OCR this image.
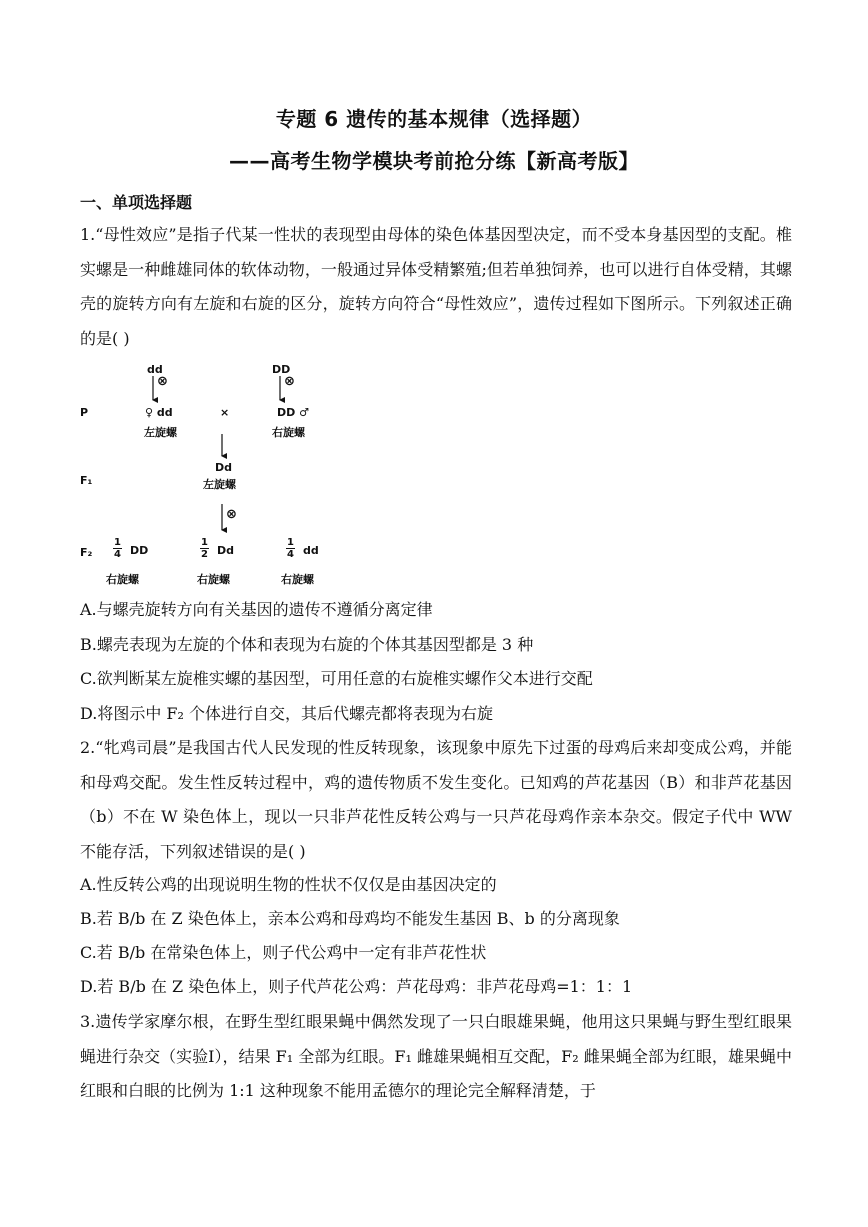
专题 6 遗传的基本规律（选择题）
——高考生物学模块考前抢分练【新高考版】
一、单项选择题
1.“母性效应”是指子代某一性状的表现型由母体的染色体基因型决定，而不受本身基因型的支配。椎实螺是一种雌雄同体的软体动物，一般通过异体受精繁殖;但若单独饲养，也可以进行自体受精，其螺壳的旋转方向有左旋和右旋的区分，旋转方向符合“母性效应”，遗传过程如下图所示。下列叙述正确的是( )
dd	DD
⊗	⊗
P	♀ dd	×	DD ♂
左旋螺	右旋螺
F₁
Dd
左旋螺
⊗
$F_2 \frac{1}{4}$ DD
右旋螺
$\frac{1}{2}$ Dd
右旋螺
$\frac{1}{4}$ dd
右旋螺
A.与螺壳旋转方向有关基因的遗传不遵循分离定律
B.螺壳表现为左旋的个体和表现为右旋的个体其基因型都是 3 种
C.欲判断某左旋椎实螺的基因型，可用任意的右旋椎实螺作父本进行交配
D.将图示中 F₂ 个体进行自交，其后代螺壳都将表现为右旋
2.“牝鸡司晨”是我国古代人民发现的性反转现象，该现象中原先下过蛋的母鸡后来却变成公鸡，并能和母鸡交配。发生性反转过程中，鸡的遗传物质不发生变化。已知鸡的芦花基因（B）和非芦花基因（b）不在 W 染色体上，现以一只非芦花性反转公鸡与一只芦花母鸡作亲本杂交。假定子代中 WW 不能存活，下列叙述错误的是( )
A.性反转公鸡的出现说明生物的性状不仅仅是由基因决定的
B.若 B/b 在 Z 染色体上，亲本公鸡和母鸡均不能发生基因 B、b 的分离现象
C.若 B/b 在常染色体上，则子代公鸡中一定有非芦花性状
D.若 B/b 在 Z 染色体上，则子代芦花公鸡：芦花母鸡：非芦花母鸡=1：1：1
3.遗传学家摩尔根，在野生型红眼果蝇中偶然发现了一只白眼雄果蝇，他用这只果蝇与野生型红眼果蝇进行杂交（实验Ⅰ），结果 F₁ 全部为红眼。F₁ 雌雄果蝇相互交配，F₂ 雌果蝇全部为红眼，雄果蝇中红眼和白眼的比例为 1:1 这种现象不能用孟德尔的理论完全解释清楚，于
